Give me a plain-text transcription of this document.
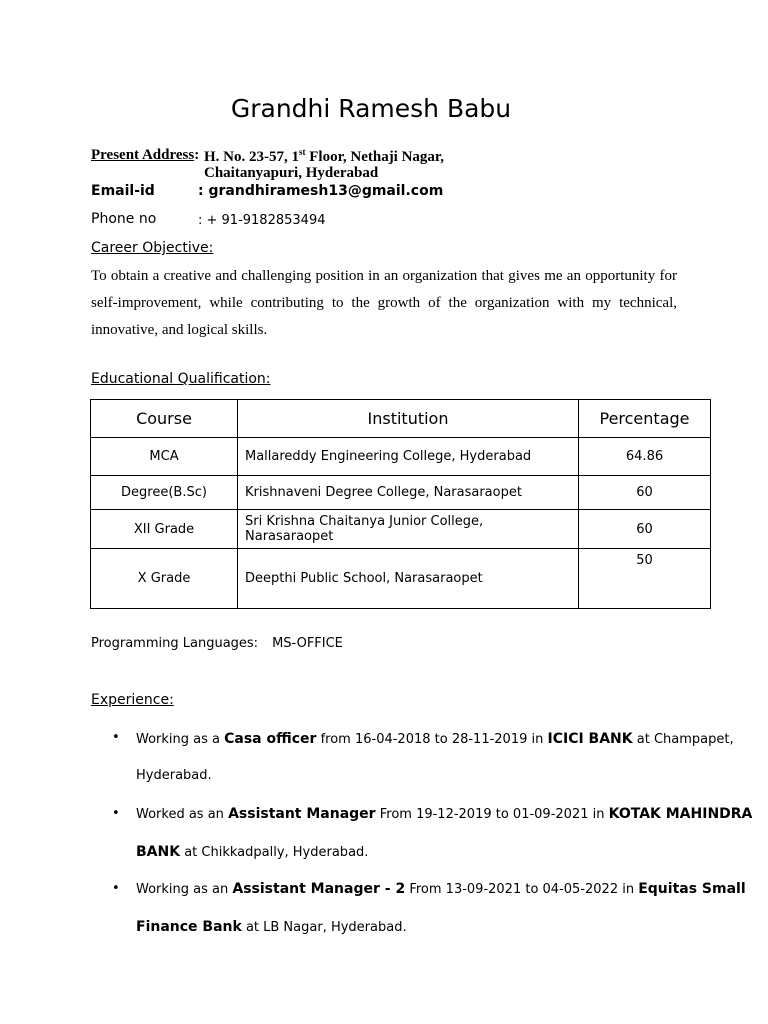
Grandhi Ramesh Babu
Present Address: H. No. 23-57, 1st Floor, Nethaji Nagar,
Chaitanyapuri, Hyderabad
Email-id	: grandhiramesh13@gmail.com
Phone no	: + 91-9182853494
Career Objective:
To obtain a creative and challenging position in an organization that gives me an opportunity for self-improvement, while contributing to the growth of the organization with my technical, innovative, and logical skills.
Educational Qualification:
Course	Institution	Percentage
MCA	Mallareddy Engineering College, Hyderabad	64.86
Degree(B.Sc)	Krishnaveni Degree College, Narasaraopet	60
XII Grade	Sri Krishna Chaitanya Junior College, Narasaraopet	60
X Grade	Deepthi Public School, Narasaraopet	50
Programming Languages: MS-OFFICE
Experience:
• Working as a Casa officer from 16-04-2018 to 28-11-2019 in ICICI BANK at Champapet,
Hyderabad.
• Worked as an Assistant Manager From 19-12-2019 to 01-09-2021 in KOTAK MAHINDRA
BANK at Chikkadpally, Hyderabad.
• Working as an Assistant Manager - 2 From 13-09-2021 to 04-05-2022 in Equitas Small
Finance Bank at LB Nagar, Hyderabad.
